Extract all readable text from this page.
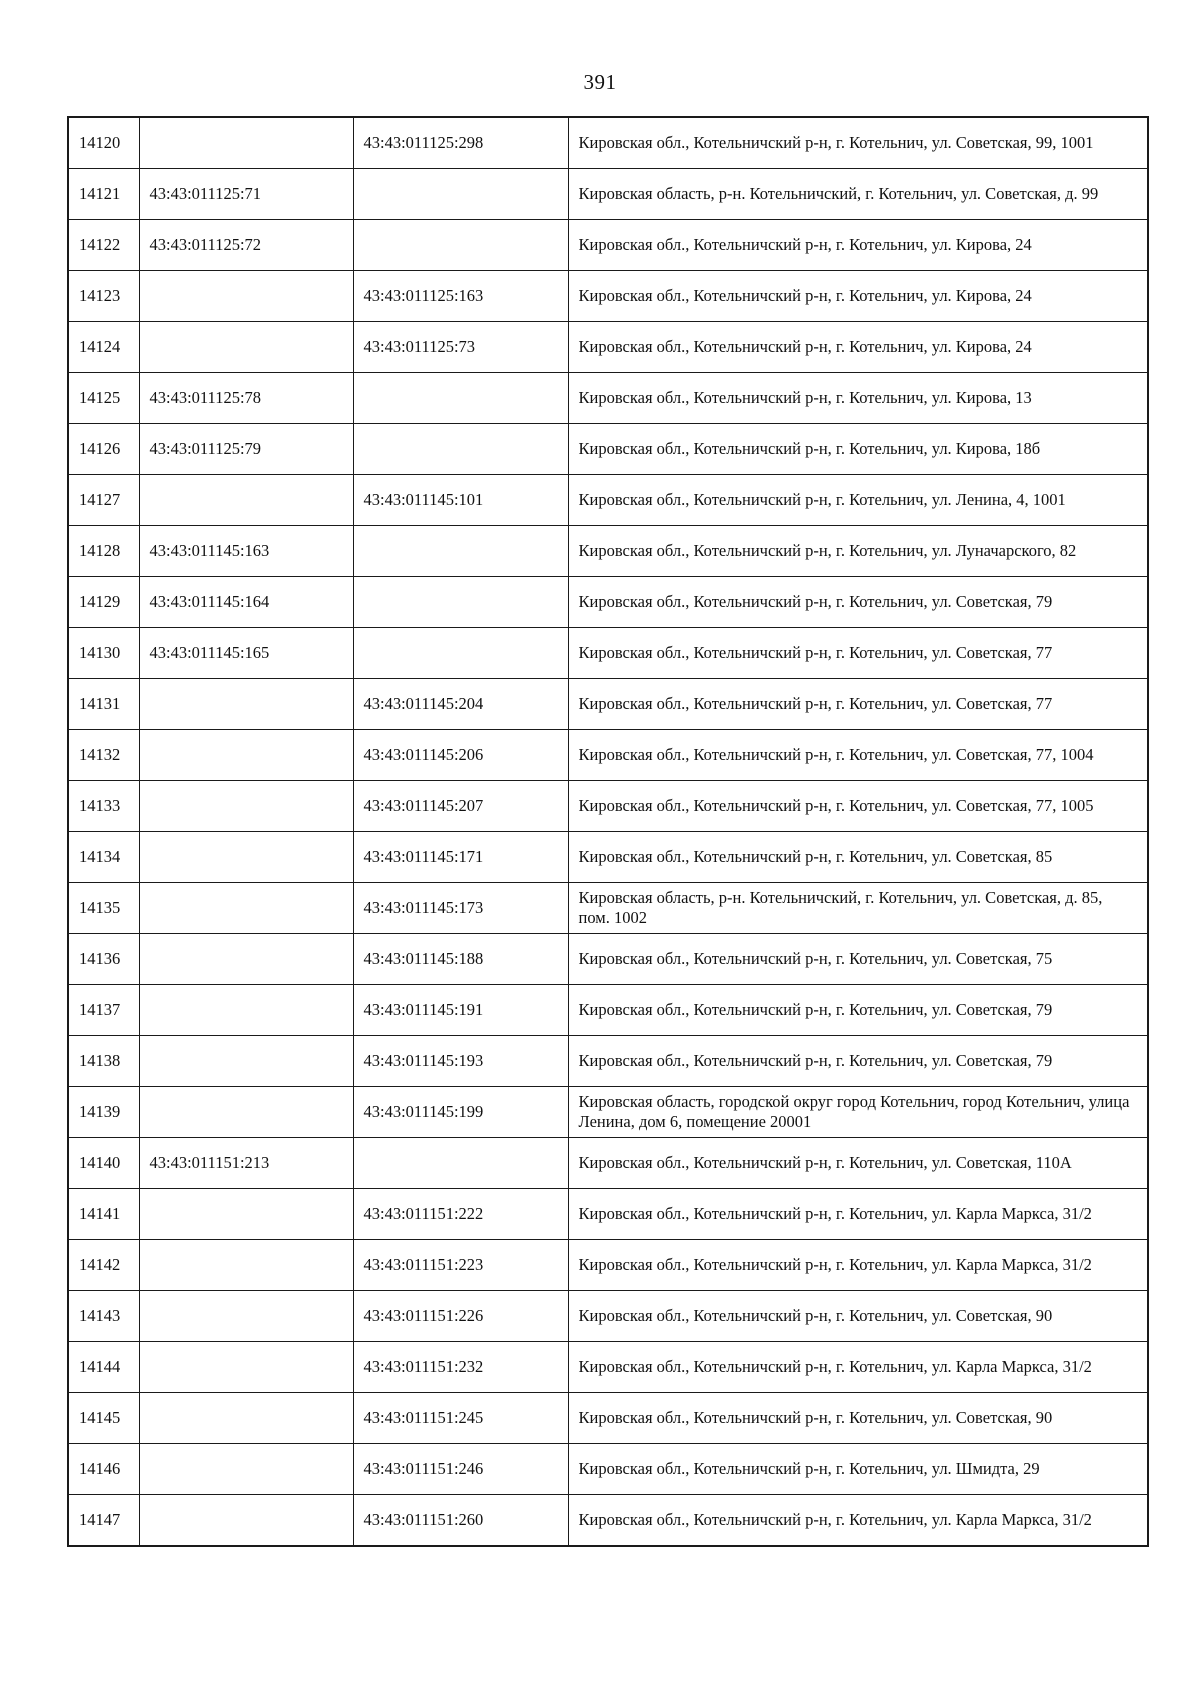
391
14120		43:43:011125:298	Кировская обл., Котельничский р-н, г. Котельнич, ул. Советская, 99, 1001
14121	43:43:011125:71		Кировская область, р-н. Котельничский, г. Котельнич, ул. Советская, д. 99
14122	43:43:011125:72		Кировская обл., Котельничский р-н, г. Котельнич, ул. Кирова, 24
14123		43:43:011125:163	Кировская обл., Котельничский р-н, г. Котельнич, ул. Кирова, 24
14124		43:43:011125:73	Кировская обл., Котельничский р-н, г. Котельнич, ул. Кирова, 24
14125	43:43:011125:78		Кировская обл., Котельничский р-н, г. Котельнич, ул. Кирова, 13
14126	43:43:011125:79		Кировская обл., Котельничский р-н, г. Котельнич, ул. Кирова, 18б
14127		43:43:011145:101	Кировская обл., Котельничский р-н, г. Котельнич, ул. Ленина, 4, 1001
14128	43:43:011145:163		Кировская обл., Котельничский р-н, г. Котельнич, ул. Луначарского, 82
14129	43:43:011145:164		Кировская обл., Котельничский р-н, г. Котельнич, ул. Советская, 79
14130	43:43:011145:165		Кировская обл., Котельничский р-н, г. Котельнич, ул. Советская, 77
14131		43:43:011145:204	Кировская обл., Котельничский р-н, г. Котельнич, ул. Советская, 77
14132		43:43:011145:206	Кировская обл., Котельничский р-н, г. Котельнич, ул. Советская, 77, 1004
14133		43:43:011145:207	Кировская обл., Котельничский р-н, г. Котельнич, ул. Советская, 77, 1005
14134		43:43:011145:171	Кировская обл., Котельничский р-н, г. Котельнич, ул. Советская, 85
14135		43:43:011145:173	Кировская область, р-н. Котельничский, г. Котельнич, ул. Советская, д. 85, пом. 1002
14136		43:43:011145:188	Кировская обл., Котельничский р-н, г. Котельнич, ул. Советская, 75
14137		43:43:011145:191	Кировская обл., Котельничский р-н, г. Котельнич, ул. Советская, 79
14138		43:43:011145:193	Кировская обл., Котельничский р-н, г. Котельнич, ул. Советская, 79
14139		43:43:011145:199	Кировская область, городской округ город Котельнич, город Котельнич, улица Ленина, дом 6, помещение 20001
14140	43:43:011151:213		Кировская обл., Котельничский р-н, г. Котельнич, ул. Советская, 110А
14141		43:43:011151:222	Кировская обл., Котельничский р-н, г. Котельнич, ул. Карла Маркса, 31/2
14142		43:43:011151:223	Кировская обл., Котельничский р-н, г. Котельнич, ул. Карла Маркса, 31/2
14143		43:43:011151:226	Кировская обл., Котельничский р-н, г. Котельнич, ул. Советская, 90
14144		43:43:011151:232	Кировская обл., Котельничский р-н, г. Котельнич, ул. Карла Маркса, 31/2
14145		43:43:011151:245	Кировская обл., Котельничский р-н, г. Котельнич, ул. Советская, 90
14146		43:43:011151:246	Кировская обл., Котельничский р-н, г. Котельнич, ул. Шмидта, 29
14147		43:43:011151:260	Кировская обл., Котельничский р-н, г. Котельнич, ул. Карла Маркса, 31/2
